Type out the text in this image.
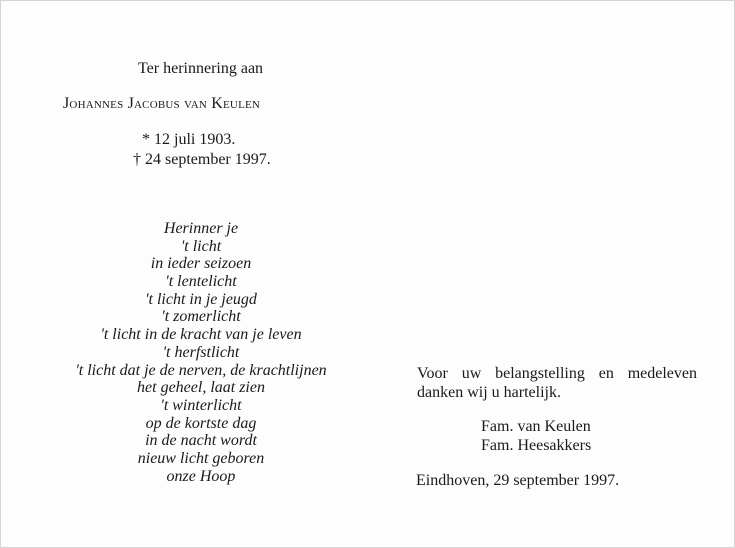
Ter herinnering aan
Johannes Jacobus van Keulen
* 12 juli 1903.
† 24 september 1997.
Herinner je
't licht
in ieder seizoen
't lentelicht
't licht in je jeugd
't zomerlicht
't licht in de kracht van je leven
't herfstlicht
't licht dat je de nerven, de krachtlijnen
het geheel, laat zien
't winterlicht
op de kortste dag
in de nacht wordt
nieuw licht geboren
onze Hoop
Voor uw belangstelling en medeleven
danken wij u hartelijk.
Fam. van Keulen
Fam. Heesakkers
Eindhoven, 29 september 1997.
